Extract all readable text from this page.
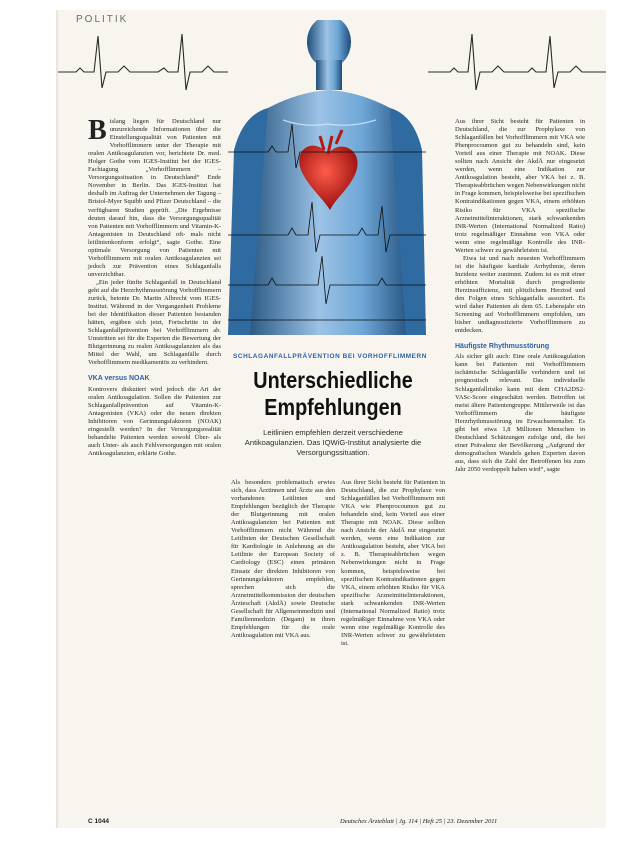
POLITIK

Bislang liegen für Deutschland nur unzureichende Informationen über die Einstellungsqualität von Patienten mit Vorhofflimmern unter der Therapie mit oralen Antikoagulanzien vor, berichtete Dr. med. Holger Gothe vom IGES-Institut bei der IGES-Fachtagung „Vorhofflimmern – Versorgungssituation in Deutschland“ Ende November in Berlin. Das IGES-Institut hat deshalb im Auftrag der Unternehmen der Tagung – Bristol-Myer Squibb und Pfizer Deutschland – die verfügbaren Studien geprüft. „Die Ergebnisse deuten darauf hin, dass die Versorgungsqualität von Patienten mit Vorhofflimmern und Vitamin-K-Antagonisten in Deutschland oft- mals nicht leitlinienkonform erfolgt“, sagte Gothe. Eine optimale Versorgung von Patienten mit Vorhofflimmern mit oralen Antikoagulanzien sei jedoch zur Prävention eines Schlaganfalls unverzichtbar.

„Ein jeder fünfte Schlaganfall in Deutschland geht auf die Herzrhythmusstörung Vorhofflimmern zurück, betonte Dr. Martin Albrecht vom IGES-Institut. Während in der Vergangenheit Probleme bei der Identifikation dieser Patienten bestanden hätten, ergäben sich jetzt, Fortschritte in der Schlaganfallprävention bei Vorhofflimmern ab. Umstritten sei für die Experten die Bewertung der Blutgerinnung zu realen Antikoagulanzien als das Mittel der Wahl, um Schlaganfälle durch Vorhofflimmern medikamentös zu verhindern.

VKA versus NOAK

Kontrovers diskutiert wird jedoch die Art der oralen Antikoagulation. Sollen die Patienten zur Schlaganfallprävention auf Vitamin-K-Antagonisten (VKA) oder die neuen direkten Inhibitoren von Gerinnungsfaktoren (NOAK) eingestellt werden? In der Versorgungsrealität behandelte Patienten werden sowohl Über- als auch Unter- als auch Fehlversorgungen mit oralen Antikoagulanzien, erklärte Gothe.

SCHLAGANFALLPRÄVENTION BEI VORHOFFLIMMERN
Unterschiedliche Empfehlungen
Leitlinien empfehlen derzeit verschiedene Antikoagulanzien. Das IQWiG-Institut analysierte die Versorgungssituation.

Als besonders problematisch erwies sich, dass Ärztinnen und Ärzte aus den vorhandenen Leitlinien und Empfehlungen bezüglich der Therapie der Blutgerinnung mit oralen Antikoagulanzien bei Patienten mit Vorhofflimmern nicht Während die Leitlinien der Deutschen Gesellschaft für Kardiologie in Anlehnung an die Leitlinie der European Society of Cardiology (ESC) einen primären Einsatz der direkten Inhibitoren von Gerinnungsfaktoren empfehlen, sprechen sich die Arzneimittelkommission der deutschen Ärzteschaft (AkdÄ) sowie Deutsche Gesellschaft für Allgemeinmedizin und Familienmedizin (Degam) in ihren Empfehlungen für die orale Antikoagulation mit VKA aus.

Aus ihrer Sicht besteht für Patienten in Deutschland, die zur Prophylaxe von Schlaganfällen bei Vorhofflimmern mit VKA wie Phenprocoumon gut zu behandeln sind, kein Vorteil aus einer Therapie mit NOAK. Diese sollten nach Ansicht der AkdÄ nur eingesetzt werden, wenn eine Indikation zur Antikoagulation besteht, aber VKA bei z. B. Therapieabbrüchen wegen Nebenwirkungen nicht in Frage kommen, beispielsweise bei spezifischen Kontraindikationen gegen VKA, einem erhöhten Risiko für VKA spezifische Arzneimittelinteraktionen, stark schwankenden INR-Werten (International Normalized Ratio) trotz regelmäßiger Einnahme von VKA oder wenn eine regelmäßige Kontrolle des INR-Werten schwer zu gewährleisten ist.

Aus ihrer Sicht besteht für Patienten in Deutschland, die zur Prophylaxe von Schlaganfällen bei Vorhofflimmern mit VKA wie Phenprocoumon gut zu behandeln sind, kein Vorteil aus einer Therapie mit NOAK. Diese sollten nach Ansicht der AkdÄ nur eingesetzt werden, wenn eine Indikation zur Antikoagulation besteht, aber VKA bei z. B. Therapieabbrüchen wegen Nebenwirkungen nicht in Frage kommen, beispielsweise bei spezifischen Kontraindikationen gegen VKA, einem erhöhten Risiko für VKA spezifische Arzneimittelinteraktionen, stark schwankenden INR-Werten (International Normalized Ratio) trotz regelmäßiger Einnahme von VKA oder wenn eine regelmäßige Kontrolle des INR-Werten schwer zu gewährleisten ist.

Etwa ist und nach neuesten Vorhofflimmern ist die häufigste kardiale Arrhythmie, deren Inzidenz weiter zunimmt. Zudem ist es mit einer erhöhten Mortalität durch progrediente Herzinsuffizienz, mit plötzlichem Herztod und den Folgen eines Schlaganfalls assoziiert. Es wird daher Patienten ab dem 65. Lebensjahr ein Screening auf Vorhofflimmern empfohlen, um bisher undiagnostizierte Vorhofflimmern zu entdecken.

Häufigste Rhythmusstörung

Als sicher gilt auch: Eine orale Antikoagulation kann bei Patienten mit Vorhofflimmern ischämische Schlaganfälle verhindern und ist prognostisch relevant. Das individuelle Schlaganfallrisiko kann mit dem CHA2DS2-VASc-Score eingeschätzt werden. Betroffen ist meist ältere Patientengruppe. Mittlerweile ist das Vorhofflimmern die häufigste Herzrhythmusstörung im Erwachsenenalter. Es gibt bei etwa 1,8 Millionen Menschen in Deutschland Schätzungen zufolge und, die bei einer Prävalenz der Bevölkerung „Aufgrund der demografischen Wandels gehen Experten davon aus, dass sich die Zahl der Betroffenen bis zum Jahr 2050 verdoppelt haben wird“, sagte

C 1044	Deutsches Ärzteblatt | Jg. 114 | Heft 25 | 23. Dezember 2011
